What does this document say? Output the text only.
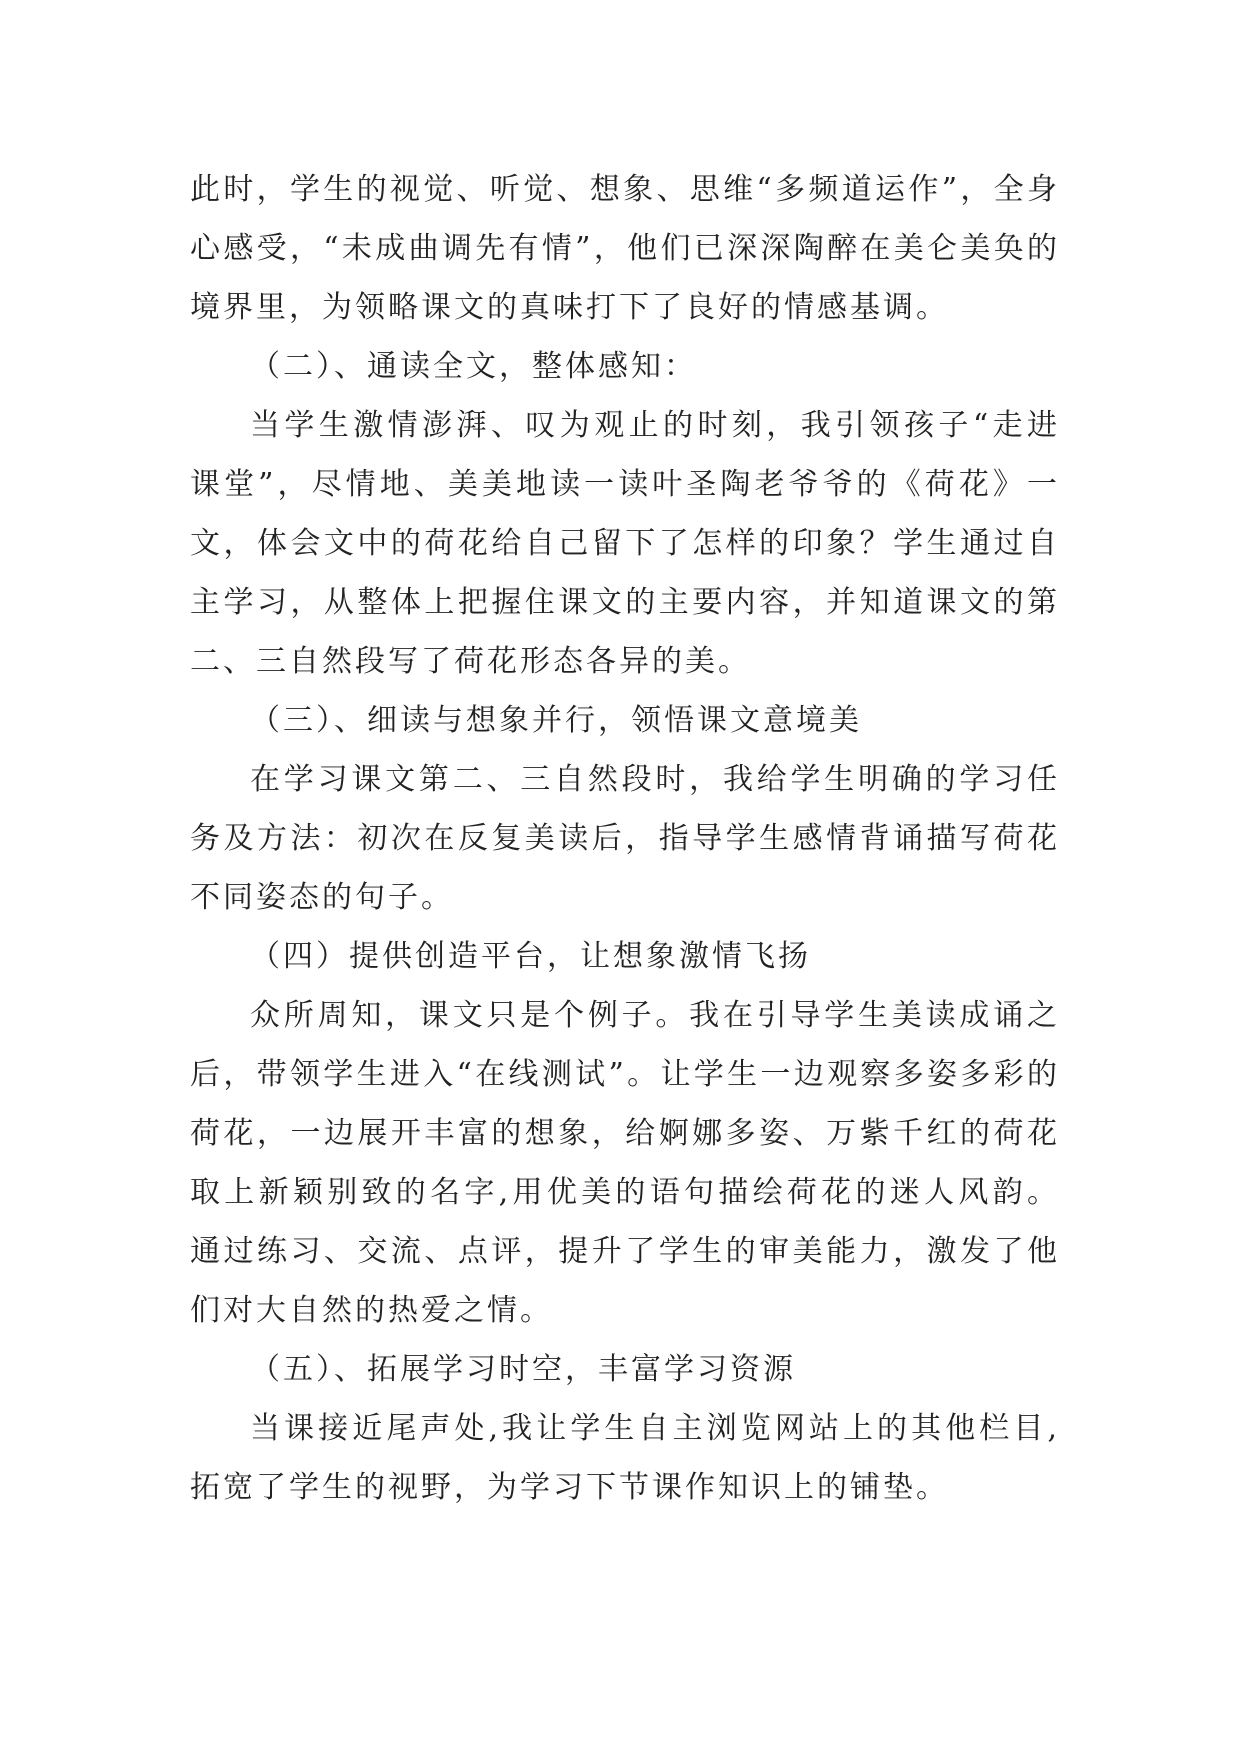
此时，学生的视觉、听觉、想象、思维“多频道运作”，全身心感受，“未成曲调先有情”，他们已深深陶醉在美仑美奂的境界里，为领略课文的真味打下了良好的情感基调。

（二）、通读全文，整体感知：

当学生激情澎湃、叹为观止的时刻，我引领孩子“走进课堂”，尽情地、美美地读一读叶圣陶老爷爷的《荷花》一文，体会文中的荷花给自己留下了怎样的印象？学生通过自主学习，从整体上把握住课文的主要内容，并知道课文的第二、三自然段写了荷花形态各异的美。

（三）、细读与想象并行，领悟课文意境美

在学习课文第二、三自然段时，我给学生明确的学习任务及方法：初次在反复美读后，指导学生感情背诵描写荷花不同姿态的句子。

（四）提供创造平台，让想象激情飞扬

众所周知，课文只是个例子。我在引导学生美读成诵之后，带领学生进入“在线测试”。让学生一边观察多姿多彩的荷花，一边展开丰富的想象，给婀娜多姿、万紫千红的荷花取上新颖别致的名字,用优美的语句描绘荷花的迷人风韵。通过练习、交流、点评，提升了学生的审美能力，激发了他们对大自然的热爱之情。

（五）、拓展学习时空，丰富学习资源

当课接近尾声处,我让学生自主浏览网站上的其他栏目,拓宽了学生的视野，为学习下节课作知识上的铺垫。
